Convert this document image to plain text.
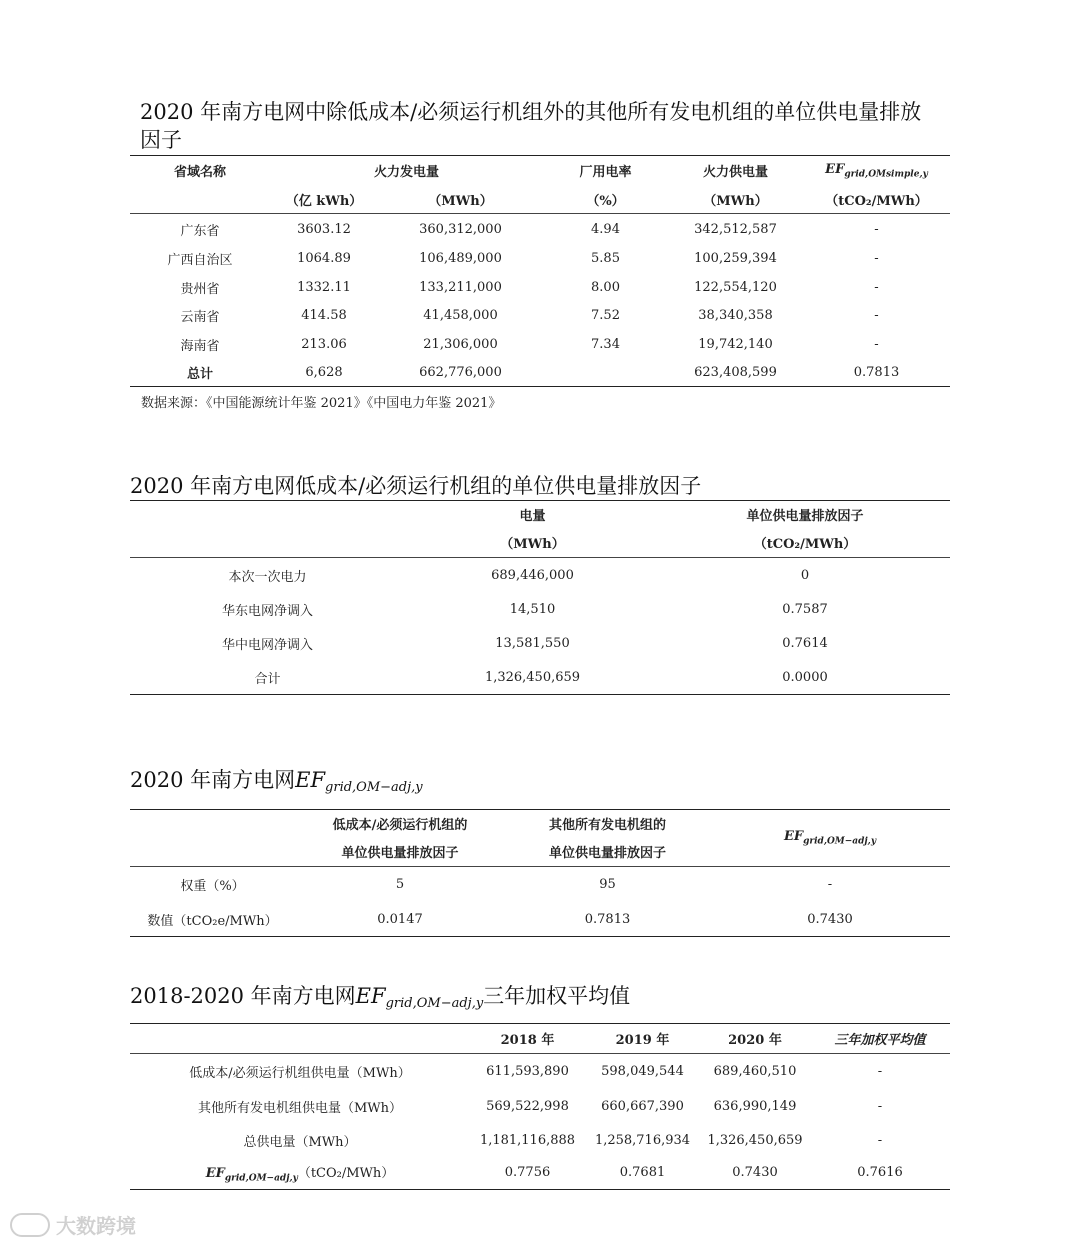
2020 年南方电网中除低成本/必须运行机组外的其他所有发电机组的单位供电量排放
因子
省域名称	火力发电量		厂用电率	火力供电量	$EF_{grid,OMsimple,y}$
	（亿 kWh）	（MWh）	（%）	（MWh）	（tCO₂/MWh）
广东省	3603.12	360,312,000	4.94	342,512,587	-
广西自治区	1064.89	106,489,000	5.85	100,259,394	-
贵州省	1332.11	133,211,000	8.00	122,554,120	-
云南省	414.58	41,458,000	7.52	38,340,358	-
海南省	213.06	21,306,000	7.34	19,742,140	-
总计	6,628	662,776,000		623,408,599	0.7813
数据来源：《中国能源统计年鉴 2021》《中国电力年鉴 2021》
2020 年南方电网低成本/必须运行机组的单位供电量排放因子
	电量	单位供电量排放因子
	（MWh）	（tCO₂/MWh）
本次一次电力	689,446,000	0
华东电网净调入	14,510	0.7587
华中电网净调入	13,581,550	0.7614
合计	1,326,450,659	0.0000
2020 年南方电网$EF_{grid,OM-adj,y}$
	低成本/必须运行机组的	其他所有发电机组的	$EF_{grid,OM-adj,y}$
	单位供电量排放因子	单位供电量排放因子	
权重（%）	5	95	-
数值（tCO₂e/MWh）	0.0147	0.7813	0.7430
2018-2020 年南方电网$EF_{grid,OM-adj,y}$三年加权平均值
	2018 年	2019 年	2020 年	三年加权平均值
低成本/必须运行机组供电量（MWh）	611,593,890	598,049,544	689,460,510	-
其他所有发电机组供电量（MWh）	569,522,998	660,667,390	636,990,149	-
总供电量（MWh）	1,181,116,888	1,258,716,934	1,326,450,659	-
$EF_{grid,OM-adj,y}(tCO_2/MWh)$	0.7756	0.7681	0.7430	0.7616
大数跨境
